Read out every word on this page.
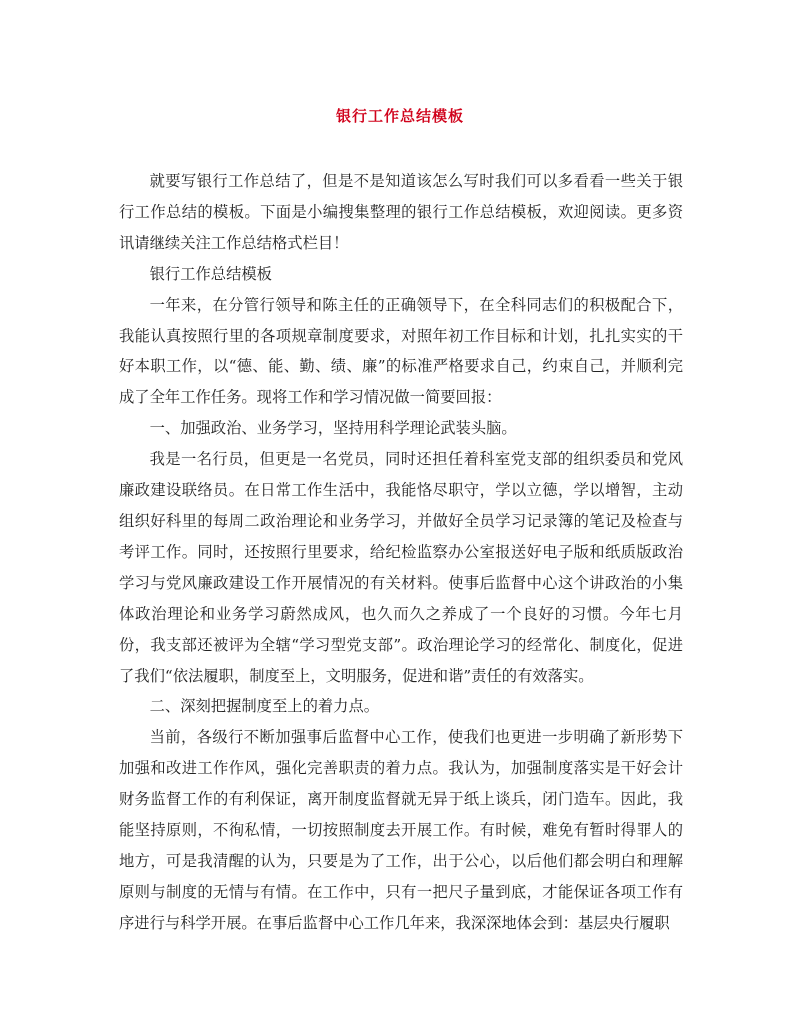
银行工作总结模板

就要写银行工作总结了，但是不是知道该怎么写时我们可以多看看一些关于银行工作总结的模板。下面是小编搜集整理的银行工作总结模板，欢迎阅读。更多资讯请继续关注工作总结格式栏目！

银行工作总结模板

一年来，在分管行领导和陈主任的正确领导下，在全科同志们的积极配合下，我能认真按照行里的各项规章制度要求，对照年初工作目标和计划，扎扎实实的干好本职工作，以“德、能、勤、绩、廉”的标准严格要求自己，约束自己，并顺利完成了全年工作任务。现将工作和学习情况做一简要回报：

一、加强政治、业务学习，坚持用科学理论武装头脑。

我是一名行员，但更是一名党员，同时还担任着科室党支部的组织委员和党风廉政建设联络员。在日常工作生活中，我能恪尽职守，学以立德，学以增智，主动组织好科里的每周二政治理论和业务学习，并做好全员学习记录簿的笔记及检查与考评工作。同时，还按照行里要求，给纪检监察办公室报送好电子版和纸质版政治学习与党风廉政建设工作开展情况的有关材料。使事后监督中心这个讲政治的小集体政治理论和业务学习蔚然成风，也久而久之养成了一个良好的习惯。今年七月份，我支部还被评为全辖“学习型党支部”。政治理论学习的经常化、制度化，促进了我们“依法履职，制度至上，文明服务，促进和谐”责任的有效落实。

二、深刻把握制度至上的着力点。

当前，各级行不断加强事后监督中心工作，使我们也更进一步明确了新形势下加强和改进工作作风，强化完善职责的着力点。我认为，加强制度落实是干好会计财务监督工作的有利保证，离开制度监督就无异于纸上谈兵，闭门造车。因此，我能坚持原则，不徇私情，一切按照制度去开展工作。有时候，难免有暂时得罪人的地方，可是我清醒的认为，只要是为了工作，出于公心，以后他们都会明白和理解原则与制度的无情与有情。在工作中，只有一把尺子量到底，才能保证各项工作有序进行与科学开展。在事后监督中心工作几年来，我深深地体会到：基层央行履职
